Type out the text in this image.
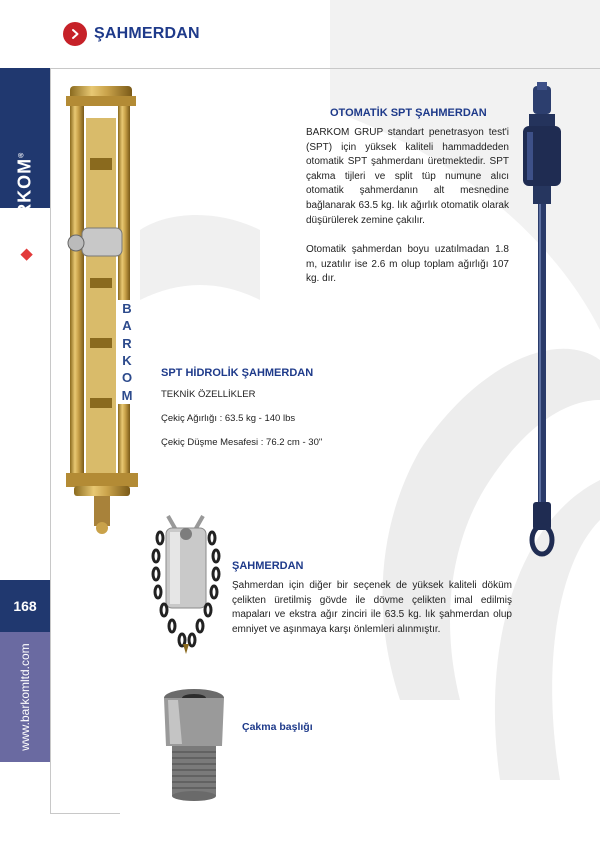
ŞAHMERDAN
◆BARKOM®
168
www.barkomltd.com
B
A
R
K
O
M
OTOMATİK SPT ŞAHMERDAN
BARKOM GRUP standart penetrasyon test'i (SPT) için yüksek kaliteli hammaddeden otomatik SPT şahmerdanı üretmektedir. SPT çakma tijleri ve split tüp numune alıcı otomatik şahmerdanın alt mesnedine bağlanarak 63.5 kg. lık ağırlık otomatik olarak düşürülerek zemine çakılır.
Otomatik şahmerdan boyu uzatılmadan 1.8 m, uzatılır ise 2.6 m olup toplam ağırlığı 107 kg. dır.
SPT HİDROLİK ŞAHMERDAN
TEKNİK ÖZELLİKLER
Çekiç Ağırlığı : 63.5 kg - 140 lbs
Çekiç Düşme Mesafesi : 76.2 cm - 30"
ŞAHMERDAN
Şahmerdan için diğer bir seçenek de yüksek kaliteli döküm çelikten üretilmiş gövde ile dövme çelikten imal edilmiş mapaları ve ekstra ağır zinciri ile 63.5 kg. lık şahmerdan olup emniyet ve aşınmaya karşı önlemleri alınmıştır.
Çakma başlığı
